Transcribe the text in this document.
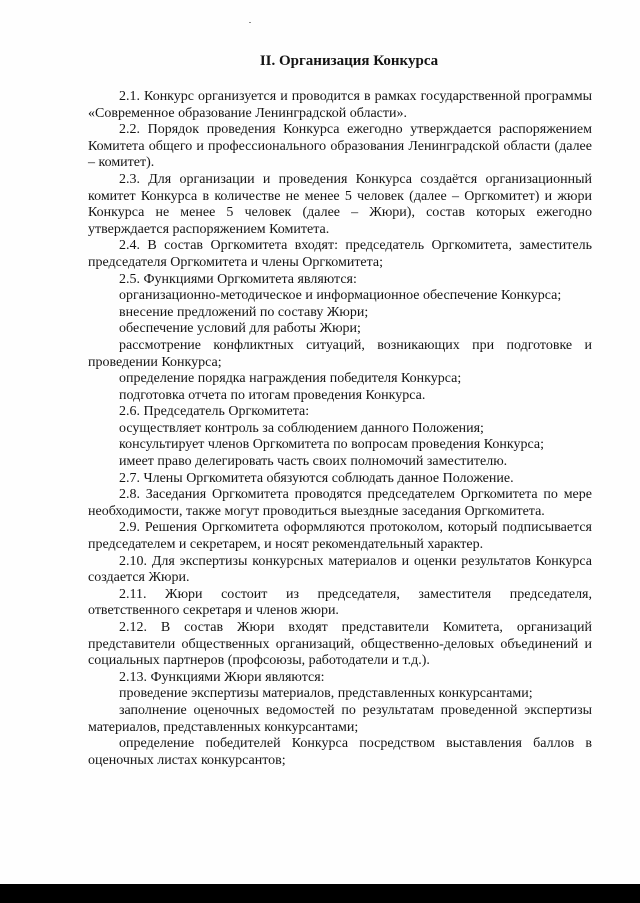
II. Организация Конкурса

2.1. Конкурс организуется и проводится в рамках государственной программы «Современное образование Ленинградской области».

2.2. Порядок проведения Конкурса ежегодно утверждается распоряжением Комитета общего и профессионального образования Ленинградской области (далее – комитет).

2.3. Для организации и проведения Конкурса создаётся организационный комитет Конкурса в количестве не менее 5 человек (далее – Оргкомитет) и жюри Конкурса не менее 5 человек (далее – Жюри), состав которых ежегодно утверждается распоряжением Комитета.

2.4. В состав Оргкомитета входят: председатель Оргкомитета, заместитель председателя Оргкомитета и члены Оргкомитета;

2.5. Функциями Оргкомитета являются:

организационно-методическое и информационное обеспечение Конкурса;

внесение предложений по составу Жюри;

обеспечение условий для работы Жюри;

рассмотрение конфликтных ситуаций, возникающих при подготовке и проведении Конкурса;

определение порядка награждения победителя Конкурса;

подготовка отчета по итогам проведения Конкурса.

2.6. Председатель Оргкомитета:

осуществляет контроль за соблюдением данного Положения;

консультирует членов Оргкомитета по вопросам проведения Конкурса;

имеет право делегировать часть своих полномочий заместителю.

2.7. Члены Оргкомитета обязуются соблюдать данное Положение.

2.8. Заседания Оргкомитета проводятся председателем Оргкомитета по мере необходимости, также могут проводиться выездные заседания Оргкомитета.

2.9. Решения Оргкомитета оформляются протоколом, который подписывается председателем и секретарем, и носят рекомендательный характер.

2.10. Для экспертизы конкурсных материалов и оценки результатов Конкурса создается Жюри.

2.11. Жюри состоит из председателя, заместителя председателя, ответственного секретаря и членов жюри.

2.12. В состав Жюри входят представители Комитета, организаций представители общественных организаций, общественно-деловых объединений и социальных партнеров (профсоюзы, работодатели и т.д.).

2.13. Функциями Жюри являются:

проведение экспертизы материалов, представленных конкурсантами;

заполнение оценочных ведомостей по результатам проведенной экспертизы материалов, представленных конкурсантами;

определение победителей Конкурса посредством выставления баллов в оценочных листах конкурсантов;
